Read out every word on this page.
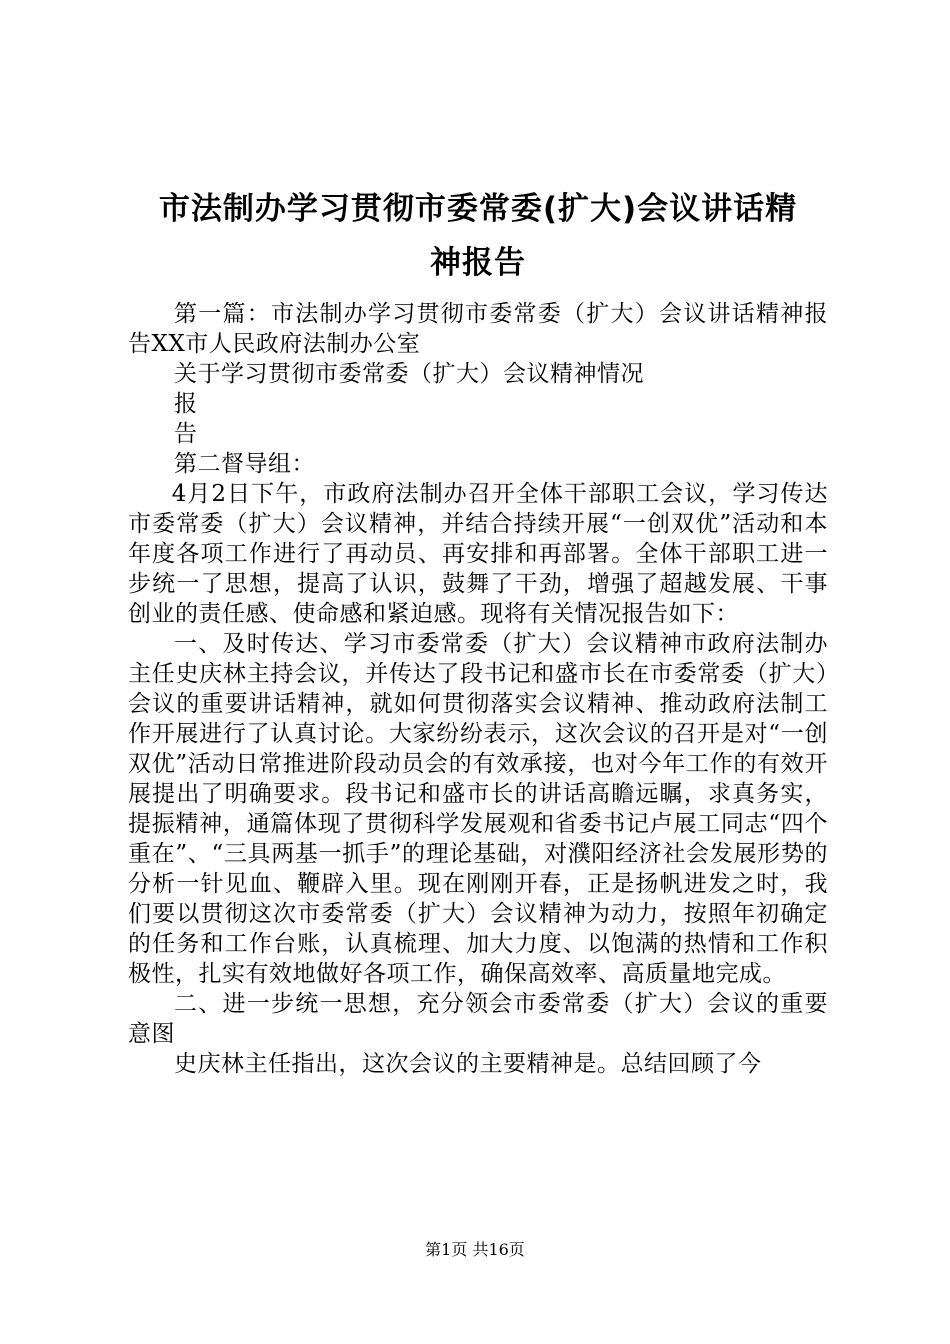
市法制办学习贯彻市委常委(扩大)会议讲话精
神报告

第一篇：市法制办学习贯彻市委常委（扩大）会议讲话精神报告XX市人民政府法制办公室

关于学习贯彻市委常委（扩大）会议精神情况

报

告

第二督导组：

4月2日下午，市政府法制办召开全体干部职工会议，学习传达市委常委（扩大）会议精神，并结合持续开展“一创双优”活动和本年度各项工作进行了再动员、再安排和再部署。全体干部职工进一步统一了思想，提高了认识，鼓舞了干劲，增强了超越发展、干事创业的责任感、使命感和紧迫感。现将有关情况报告如下：

一、及时传达、学习市委常委（扩大）会议精神市政府法制办主任史庆林主持会议，并传达了段书记和盛市长在市委常委（扩大）会议的重要讲话精神，就如何贯彻落实会议精神、推动政府法制工作开展进行了认真讨论。大家纷纷表示，这次会议的召开是对“一创双优”活动日常推进阶段动员会的有效承接，也对今年工作的有效开展提出了明确要求。段书记和盛市长的讲话高瞻远瞩，求真务实，提振精神，通篇体现了贯彻科学发展观和省委书记卢展工同志“四个重在”、“三具两基一抓手”的理论基础，对濮阳经济社会发展形势的分析一针见血、鞭辟入里。现在刚刚开春，正是扬帆进发之时，我们要以贯彻这次市委常委（扩大）会议精神为动力，按照年初确定的任务和工作台账，认真梳理、加大力度、以饱满的热情和工作积极性，扎实有效地做好各项工作，确保高效率、高质量地完成。

二、进一步统一思想，充分领会市委常委（扩大）会议的重要意图

史庆林主任指出，这次会议的主要精神是。总结回顾了今

第1页 共16页
